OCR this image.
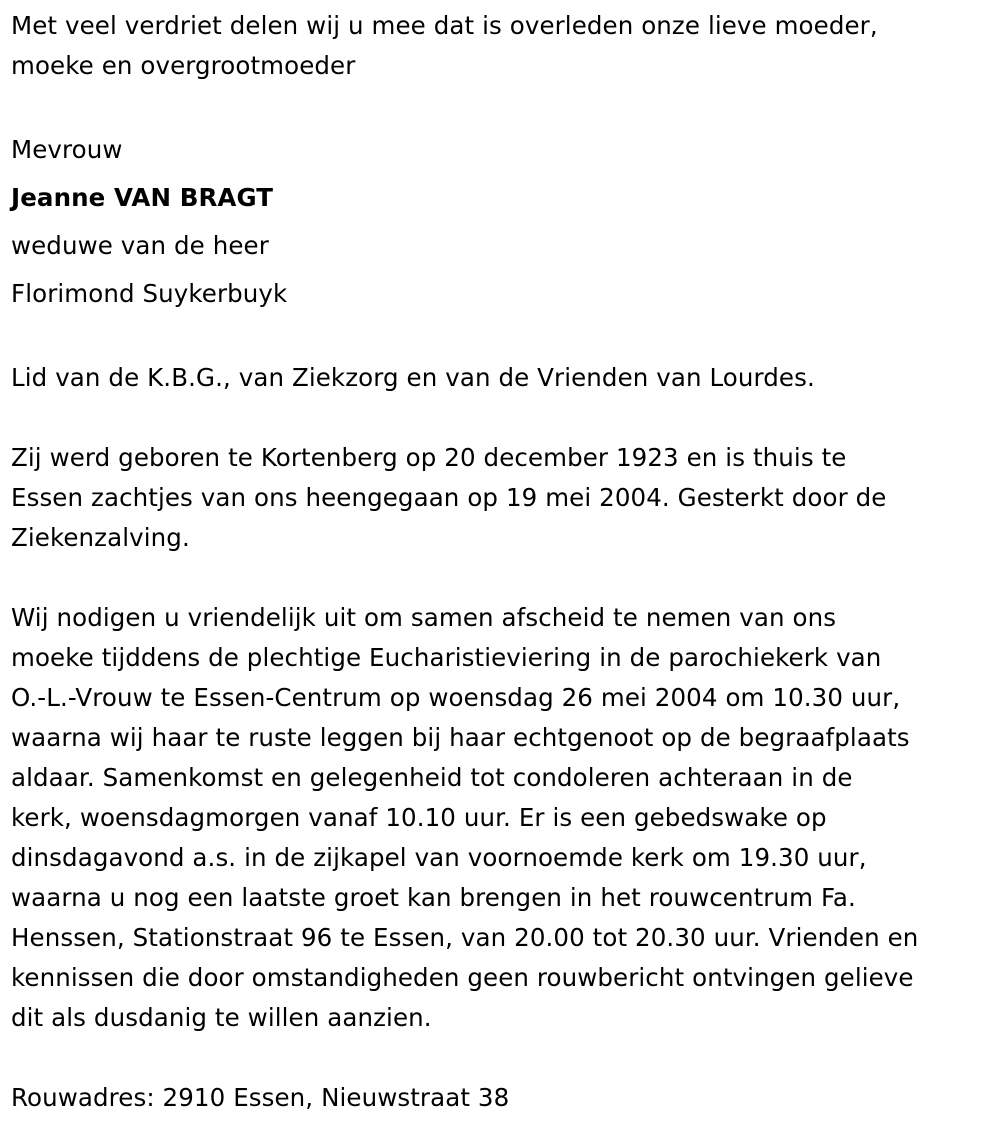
Met veel verdriet delen wij u mee dat is overleden onze lieve moeder,
moeke en overgrootmoeder
Mevrouw
Jeanne VAN BRAGT
weduwe van de heer
Florimond Suykerbuyk
Lid van de K.B.G., van Ziekzorg en van de Vrienden van Lourdes.
Zij werd geboren te Kortenberg op 20 december 1923 en is thuis te
Essen zachtjes van ons heengegaan op 19 mei 2004. Gesterkt door de
Ziekenzalving.
Wij nodigen u vriendelijk uit om samen afscheid te nemen van ons
moeke tijddens de plechtige Eucharistieviering in de parochiekerk van
O.-L.-Vrouw te Essen-Centrum op woensdag 26 mei 2004 om 10.30 uur,
waarna wij haar te ruste leggen bij haar echtgenoot op de begraafplaats
aldaar. Samenkomst en gelegenheid tot condoleren achteraan in de
kerk, woensdagmorgen vanaf 10.10 uur. Er is een gebedswake op
dinsdagavond a.s. in de zijkapel van voornoemde kerk om 19.30 uur,
waarna u nog een laatste groet kan brengen in het rouwcentrum Fa.
Henssen, Stationstraat 96 te Essen, van 20.00 tot 20.30 uur. Vrienden en
kennissen die door omstandigheden geen rouwbericht ontvingen gelieve
dit als dusdanig te willen aanzien.
Rouwadres: 2910 Essen, Nieuwstraat 38
